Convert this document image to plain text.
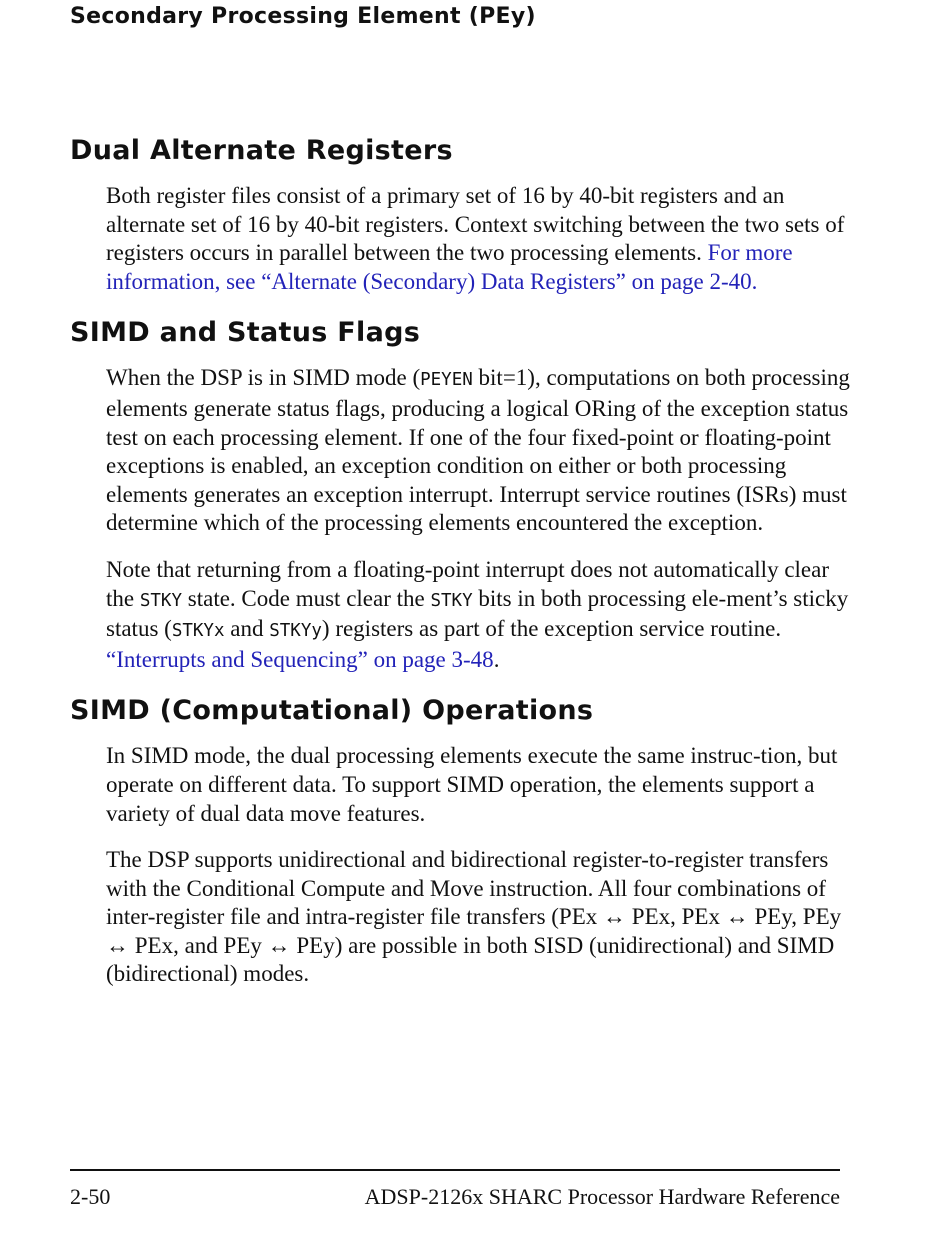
Secondary Processing Element (PEy)
Dual Alternate Registers

Both register files consist of a primary set of 16 by 40-bit registers and an alternate set of 16 by 40-bit registers. Context switching between the two sets of registers occurs in parallel between the two processing elements. For more information, see “Alternate (Secondary) Data Registers” on page 2-40.

SIMD and Status Flags

When the DSP is in SIMD mode (PEYEN bit=1), computations on both processing elements generate status flags, producing a logical ORing of the exception status test on each processing element. If one of the four fixed-point or floating-point exceptions is enabled, an exception condition on either or both processing elements generates an exception interrupt. Interrupt service routines (ISRs) must determine which of the processing elements encountered the exception.

Note that returning from a floating-point interrupt does not automatically clear the STKY state. Code must clear the STKY bits in both processing ele-ment’s sticky status (STKYx and STKYy) registers as part of the exception service routine. “Interrupts and Sequencing” on page 3-48.

SIMD (Computational) Operations

In SIMD mode, the dual processing elements execute the same instruc-tion, but operate on different data. To support SIMD operation, the elements support a variety of dual data move features.

The DSP supports unidirectional and bidirectional register-to-register transfers with the Conditional Compute and Move instruction. All four combinations of inter-register file and intra-register file transfers (PEx ↔ PEx, PEx ↔ PEy, PEy ↔ PEx, and PEy ↔ PEy) are possible in both SISD (unidirectional) and SIMD (bidirectional) modes.

2-50	ADSP-2126x SHARC Processor Hardware Reference
